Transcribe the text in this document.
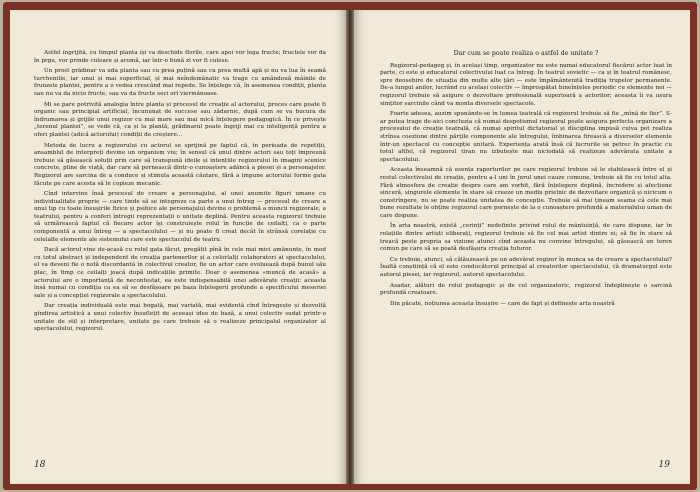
Astfel îngrijită, cu timpul planta își va deschide florile, care apoi vor lega fructe; fructele vor da în prgu, vor prinde culoare și aromă, iar într-o bună zi vor fi culese.

Un prost grădinar va uda planta sau cu prea puțină sau cu prea multă apă și nu va lua în seamă turcheniile, iar unul și mai superficial, și mai neîndemânatic va trage cu amândouă mâinile de frunzele plantei, pentru a o vedea crescând mai repede. Se înțelege că, în asemenea condiții, planta sau nu va da nicio fructe, sau va da fructe seci ori viermănoase.

Mi se pare potrivită analogia între planta și procesul de creație al actorului, proces care poate fi organic sau principial artificial, încununat de succese sau zădarnic, după cum se va bucura de îndrumarea și grijile unui regizor cu mai mare sau mai mică înțelegere pedagogică. În ce privește „terenul plantei”, se vede că, ca și la plantă, grădinarul poate îngriji mai cu inteligență pentru a oferi plantei (adică actorului) condiții de creștere...

Metoda de lucru a regizorului cu actorul se sprijină pe faptul că, în perioada de repetiții, ansamblul de interpreți devine un organism viu; în sensul că unul dintre actori sau toți împreună trebuie să găsească soluții prin care să transpună ideile și intențiile regizorului în imagini scenice concrete, pline de viață, dar care să pornească dintr-o cunoaștere adâncă a piesei și a personajelor. Regizorul are sarcina de a conduce și stimula această căutare, fără a impune actorului forme gata făcute pe care acesta să le copieze mecanic.

Cînd intervine însă procesul de creare a personajului, al unei anumite figuri umane cu individualitate proprie — care tinde să se integreze ca parte a unui întreg — procesul de creare a unui tip cu toate însușirile fizice și psihice ale personajului devine o problemă a muncii regizorale, a teatrului, pentru a conferi întregii reprezentații o unitate deplină. Pentru aceasta regizorul trebuie să urmărească faptul că fiecare actor își construiește rolul în funcție de ceilalți, ca o parte componentă a unui întreg — a spectacolului — și nu poate fi creat decât în strânsă corelație cu celelalte elemente ale sistemului care este spectacolul de teatru.

Dacă actorul vine de-acasă cu rolul gata făcut, pregătit pînă în cele mai mici amănunte, în mod cu totul abstract și independent de creația partenerilor și a celorlalți colaboratori ai spectacolului, el va deveni fie o notă discordantă în colectivul creator, fie un actor care evoluează după bunul său plac, în timp ce ceilalți joacă după indicațiile primite. Doar o asemenea «muncă de acasă» a actorului are o importanță de necontestat, ea este indispensabilă unei adevărate creații: aceasta însă numai cu condiția ca ea să se desfășoare pe baza înțelegerii profunde a specificului meseriei sale și a concepției regizorale a spectacolului.

Dar creația individuală este mai bogată, mai variată, mai evidentă cînd întregește și dezvoltă gîndirea artistică a unui colectiv însuflețit de aceeași idee de bază, a unui colectiv sudat printr-o unitate de stil și interpretare, unitate pe care trebuie să o realizeze principalul organizator al spectacolului, regizorul.

18

Dar cum se poate realiza o astfel de unitate ?

Regizorul-pedagog și, în același timp, organizator nu este numai educatorul fiecărui actor luat în parte, ci este și educatorul colectivului luat ca întreg. În teatrul sovietic — ca și în teatrul românesc, spre deosebire de situația din multe alte țări — este împământenită tradiția trupelor permanente. De-a lungul anilor, lucrând cu același colectiv — împrospătat bineînțeles periodic cu elemente noi — regizorul trebuie să asigure o dezvoltare profesională superioară a actorilor; aceasta îi va ușura simțitor sarcinile când va monta diversele spectacole.

Foarte adesea, auzim spunându-se în lumea teatrală că regizorul trebuie să fie „mînă de fier”. S-ar putea trage de-aici concluzia că numai despotismul regizoral poate asigura perfecta organizare a procesului de creație teatrală, că numai spiritul dictatorial și disciplina impusă cuiva pot realiza strînsa coeziune dintre părțile componente ale întregului, îmbinarea firească a diverselor elemente într-un spectacol cu concepție unitară. Experiența arată însă că lucrurile se petrec în practic cu totul altfel, că regizorul tiran nu izbutește mai niciodată să realizeze adevărata unitate a spectacolului.

Aceasta înseamnă că esența raporturilor pe care regizorul trebuie să le stabilească între el și restul colectivului de creație, pentru a-l uni în jurul unei cauze comune, trebuie să fie cu totul alta. Fără atmosfera de creație despre care am vorbit, fără înțelegere deplină, încredere și afecțiune sinceră, singurele elemente în stare să creeze un mediu prielnic de dezvoltare organică și nicicum o constrîngere, nu se poate realiza unitatea de concepție. Trebuie să mai țineam seama că cele mai bune rezultate le obține regizorul care pornește de la o cunoaștere profundă a materialului uman de care dispune.

În arta noastră, există „cerinți” nedefinite privind rolul de mântuință, de care dispune, iar în relațiile dintre artiști eliberați, regizorul trebuie să fie cel mai artist dintre ei; să fie în stare să treacă peste propria sa viziune atunci cînd aceasta nu convine întregului, să găsească un teren comun pe care să se poată desfășura creația tuturor.

Ce trebuie, atunci, să călăuzească pe un adevărat regizor în munca sa de creare a spectacolului? Înaltă conștiință că el este conducătorul principal al creatorilor spectacolului, că dramaturgul este autorul piesei, iar regizorul, autorul spectacolului.

Asadar, alături de rolul pedagogic și de cel organizatoric, regizorul îndeplinește o sarcină profundă creatoare.

Din păcate, noțiunea aceasta însușire — care de fapt și definește arta noastră

19
